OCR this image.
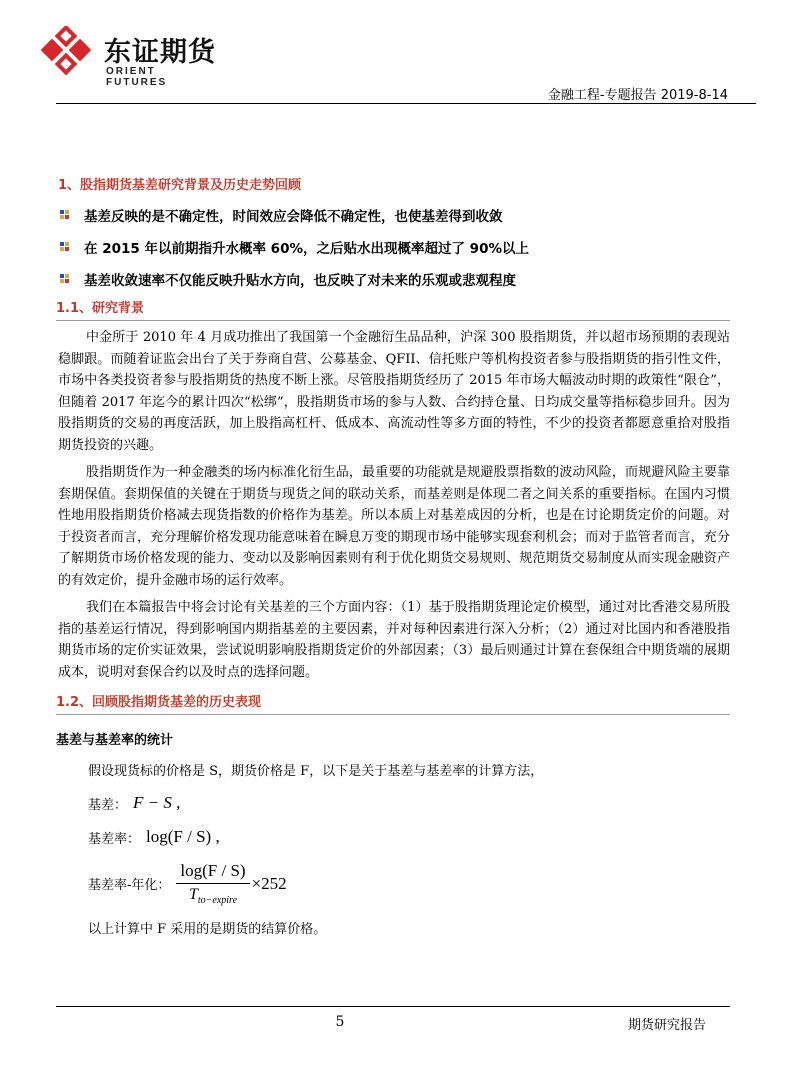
东证期货
ORIENT FUTURES
金融工程-专题报告 2019-8-14
1、股指期货基差研究背景及历史走势回顾
基差反映的是不确定性，时间效应会降低不确定性，也使基差得到收敛
在 2015 年以前期指升水概率 60%，之后贴水出现概率超过了 90%以上
基差收敛速率不仅能反映升贴水方向，也反映了对未来的乐观或悲观程度
1.1、研究背景

中金所于 2010 年 4 月成功推出了我国第一个金融衍生品品种，沪深 300 股指期货，并以超市场预期的表现站稳脚跟。而随着证监会出台了关于券商自营、公募基金、QFII、信托账户等机构投资者参与股指期货的指引性文件，市场中各类投资者参与股指期货的热度不断上涨。尽管股指期货经历了 2015 年市场大幅波动时期的政策性“限仓”，但随着 2017 年迄今的累计四次“松绑”，股指期货市场的参与人数、合约持仓量、日均成交量等指标稳步回升。因为股指期货的交易的再度活跃，加上股指高杠杆、低成本、高流动性等多方面的特性，不少的投资者都愿意重拾对股指期货投资的兴趣。

股指期货作为一种金融类的场内标准化衍生品，最重要的功能就是规避股票指数的波动风险，而规避风险主要靠套期保值。套期保值的关键在于期货与现货之间的联动关系，而基差则是体现二者之间关系的重要指标。在国内习惯性地用股指期货价格减去现货指数的价格作为基差。所以本质上对基差成因的分析，也是在讨论期货定价的问题。对于投资者而言，充分理解价格发现功能意味着在瞬息万变的期现市场中能够实现套利机会；而对于监管者而言，充分了解期货市场价格发现的能力、变动以及影响因素则有利于优化期货交易规则、规范期货交易制度从而实现金融资产的有效定价，提升金融市场的运行效率。

我们在本篇报告中将会讨论有关基差的三个方面内容：（1）基于股指期货理论定价模型，通过对比香港交易所股指的基差运行情况，得到影响国内期指基差的主要因素，并对每种因素进行深入分析；（2）通过对比国内和香港股指期货市场的定价实证效果，尝试说明影响股指期货定价的外部因素；（3）最后则通过计算在套保组合中期货端的展期成本，说明对套保合约以及时点的选择问题。

1.2、回顾股指期货基差的历史表现
基差与基差率的统计
假设现货标的价格是 S，期货价格是 F，以下是关于基差与基差率的计算方法，
基差： F − S ,
基差率： log(F / S) ,
基差率-年化： $\frac{\log(F / S)}{T_{to-expire}} \times 252$
以上计算中 F 采用的是期货的结算价格。
5	期货研究报告
